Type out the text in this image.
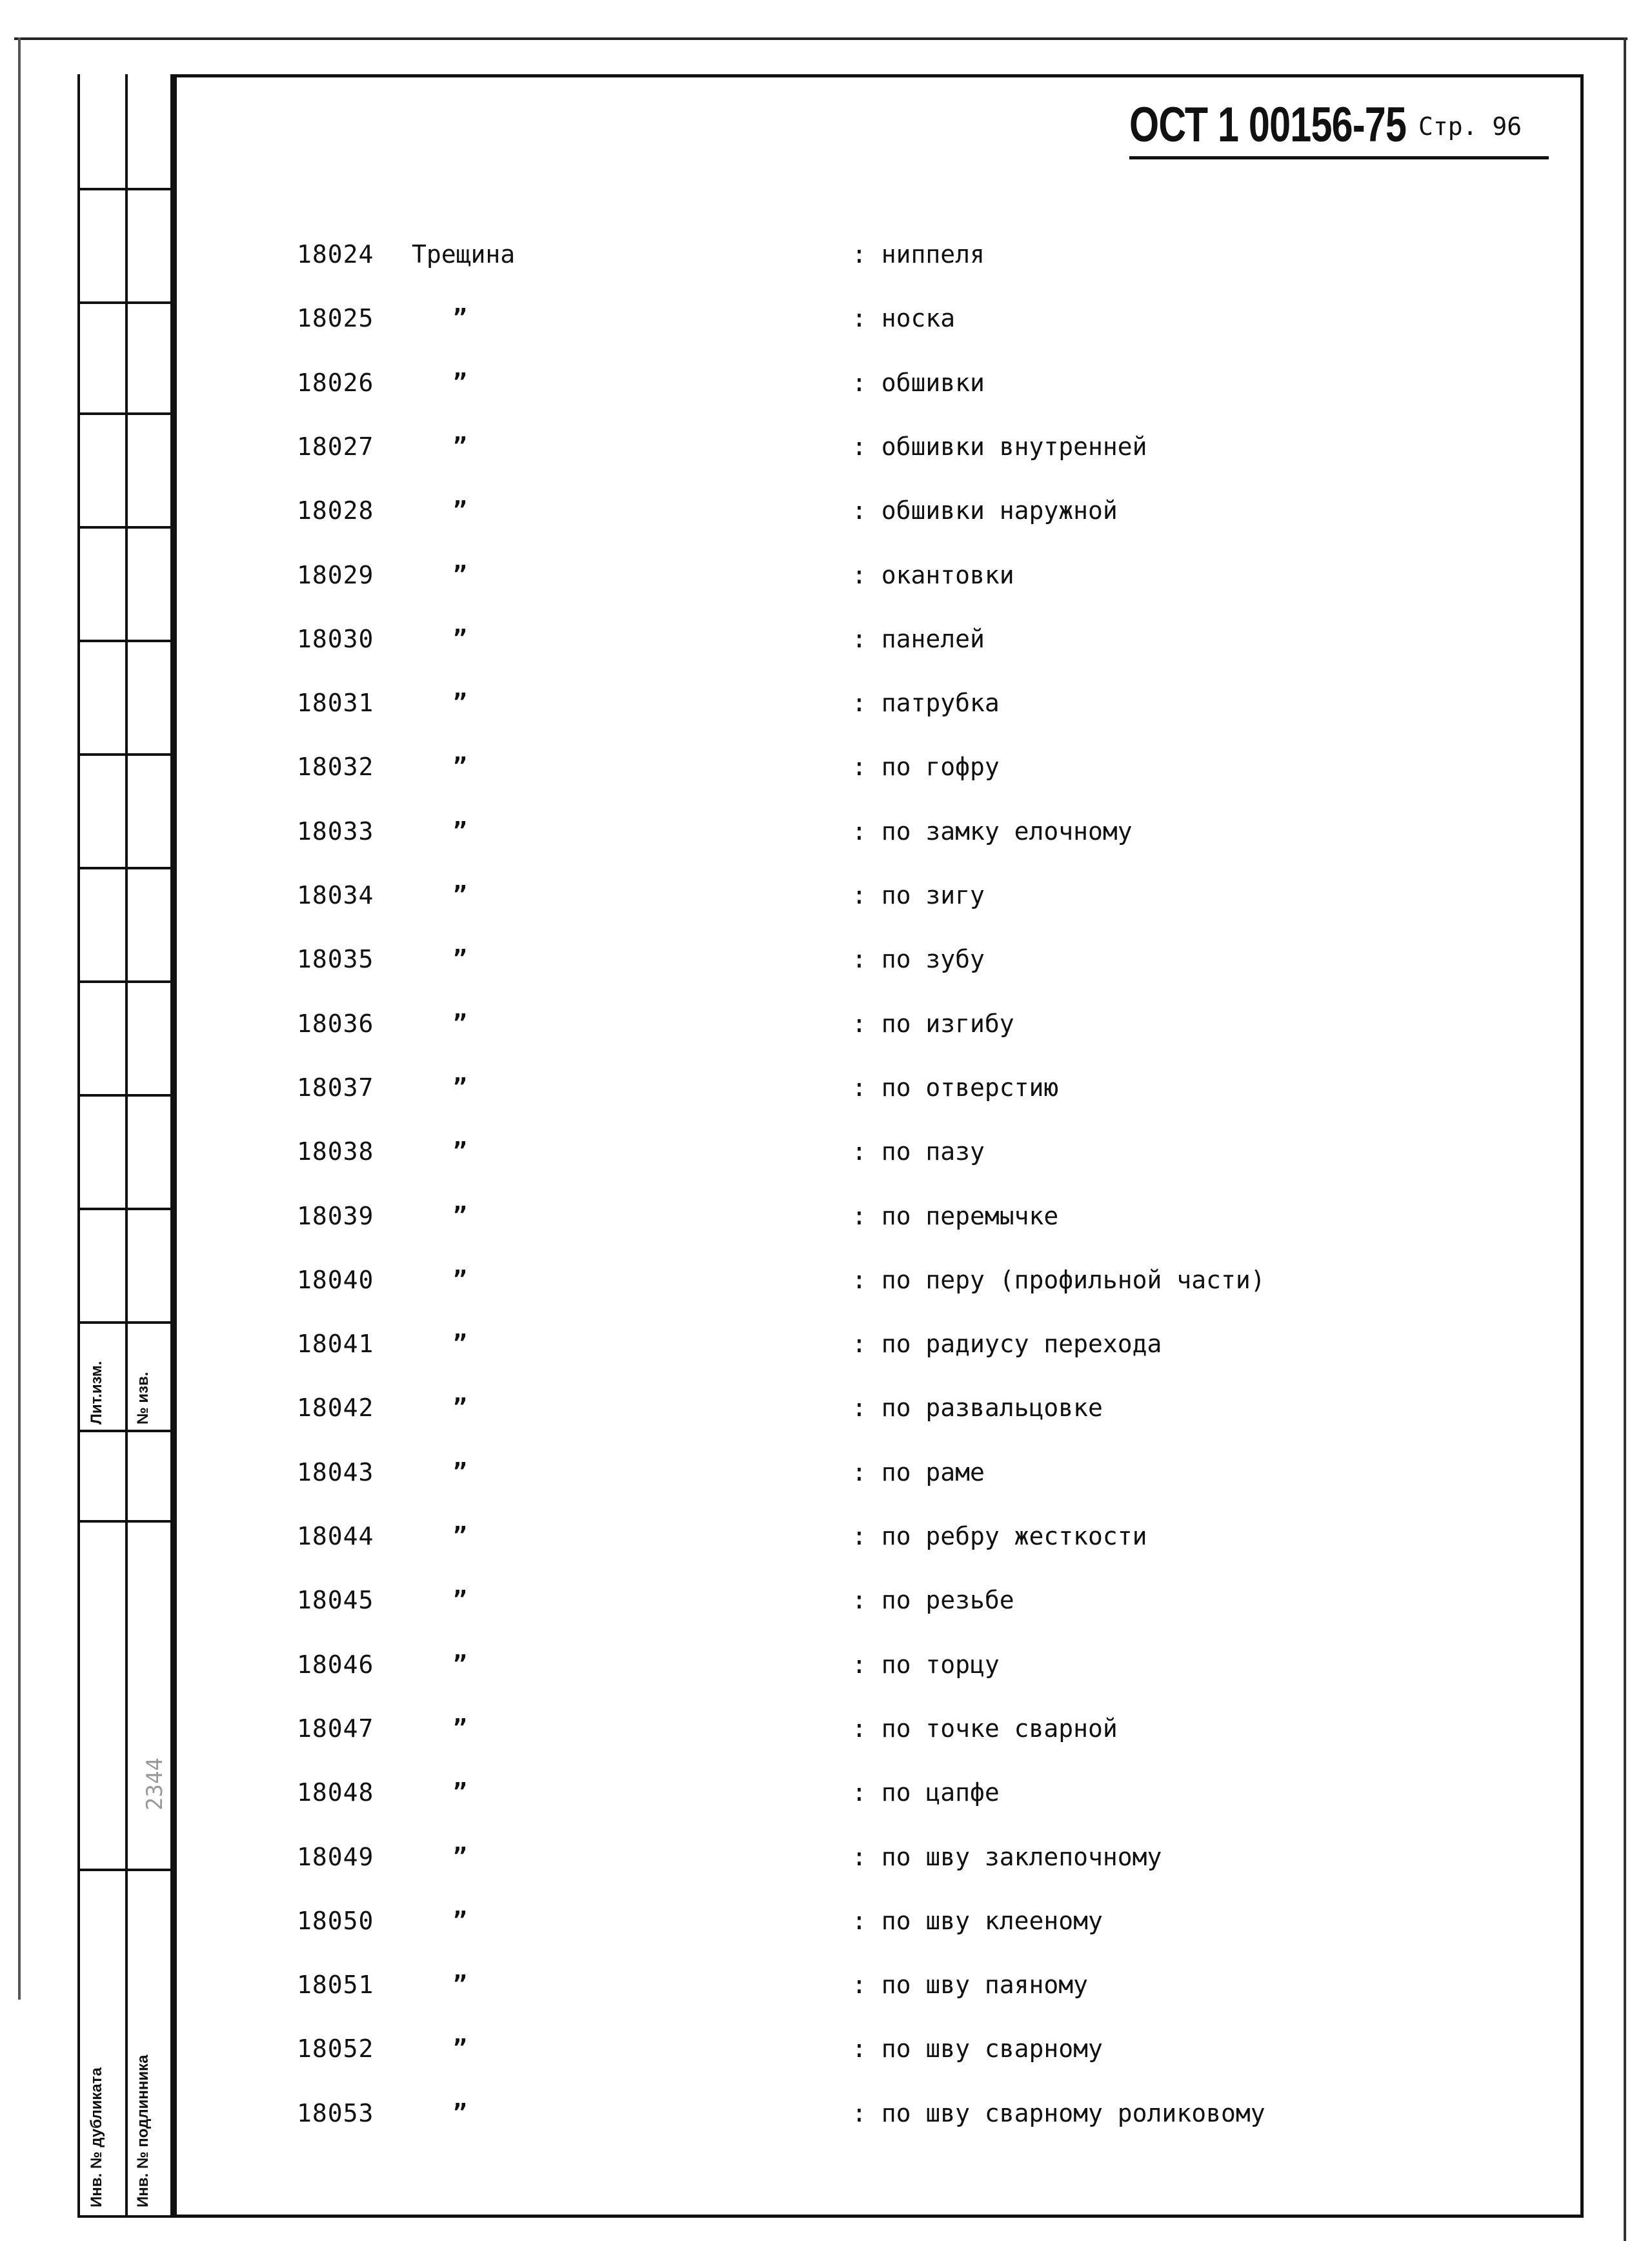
Лит.изм. № изв.
2344
Инв. № дубликата Инв. № подлинника
ОСТ 1 00156-75 Стр. 96
18024 Трещина	: ниппеля
18025	”	: носка
18026	”	: обшивки
18027	”	: обшивки внутренней
18028	”	: обшивки наружной
18029	”	: окантовки
18030	”	: панелей
18031	”	: патрубка
18032	”	: по гофру
18033	”	: по замку елочному
18034	”	: по зигу
18035	”	: по зубу
18036	”	: по изгибу
18037	”	: по отверстию
18038	”	: по пазу
18039	”	: по перемычке
18040	”	: по перу (профильной части)
18041	”	: по радиусу перехода
18042	”	: по развальцовке
18043	”	: по раме
18044	”	: по ребру жесткости
18045	”	: по резьбе
18046	”	: по торцу
18047	”	: по точке сварной
18048	”	: по цапфе
18049	”	: по шву заклепочному
18050	”	: по шву клееному
18051	”	: по шву паяному
18052	”	: по шву сварному
18053	”	: по шву сварному роликовому
